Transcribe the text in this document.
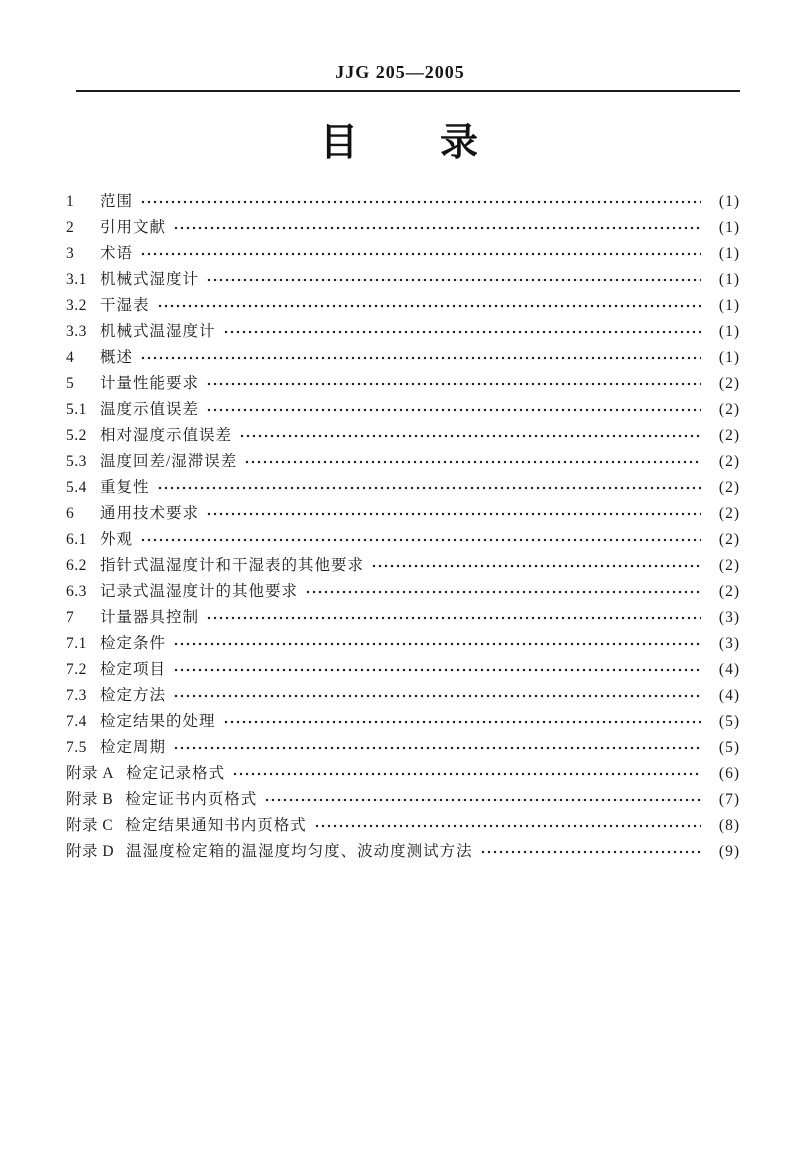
JJG 205—2005
目　　录
1	范围	(1)
2	引用文献	(1)
3	术语	(1)
3.1 机械式湿度计	(1)
3.2 干湿表	(1)
3.3 机械式温湿度计	(1)
4	概述	(1)
5	计量性能要求	(2)
5.1 温度示值误差	(2)
5.2 相对湿度示值误差	(2)
5.3 温度回差/湿滞误差	(2)
5.4 重复性	(2)
6	通用技术要求	(2)
6.1 外观	(2)
6.2 指针式温湿度计和干湿表的其他要求	(2)
6.3 记录式温湿度计的其他要求	(2)
7	计量器具控制	(3)
7.1 检定条件	(3)
7.2 检定项目	(4)
7.3 检定方法	(4)
7.4 检定结果的处理	(5)
7.5 检定周期	(5)
附录 A 检定记录格式	(6)
附录 B 检定证书内页格式	(7)
附录 C 检定结果通知书内页格式	(8)
附录 D 温湿度检定箱的温湿度均匀度、波动度测试方法	(9)
